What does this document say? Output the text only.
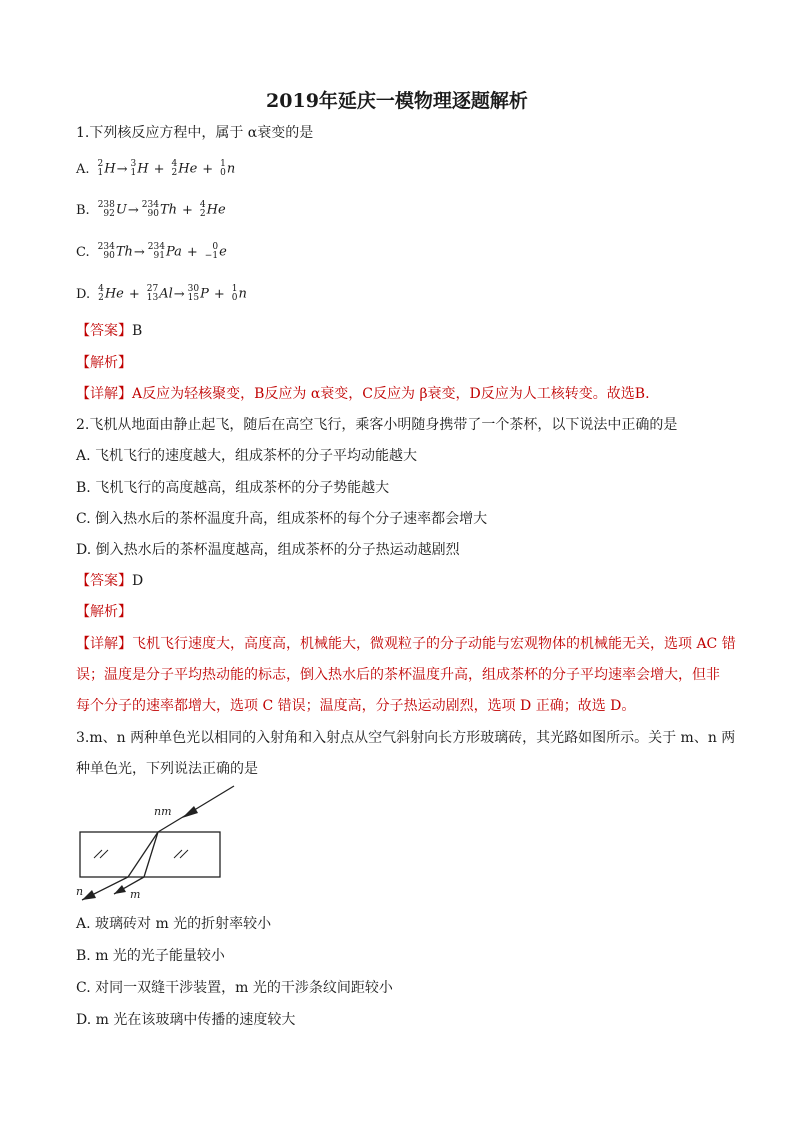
2019年延庆一模物理逐题解析
1.下列核反应方程中，属于 α衰变的是
A. 2
1 H→ 3
1 H + 4
2 He + 1
0 n
B. 238
92 U→ 234
90 Th + 4
2 He
C. 234
90 Th→ 234
91 Pa +	0
−1 e
D. 4
2 He + 27
13 Al→ 30
15 P + 1
0 n
【答案】B
【解析】
【详解】A反应为轻核聚变，B反应为 α衰变，C反应为 β衰变，D反应为人工核转变。故选B.
2.飞机从地面由静止起飞，随后在高空飞行，乘客小明随身携带了一个茶杯，以下说法中正确的是
A. 飞机飞行的速度越大，组成茶杯的分子平均动能越大
B. 飞机飞行的高度越高，组成茶杯的分子势能越大
C. 倒入热水后的茶杯温度升高，组成茶杯的每个分子速率都会增大
D. 倒入热水后的茶杯温度越高，组成茶杯的分子热运动越剧烈
【答案】D
【解析】
【详解】飞机飞行速度大，高度高，机械能大，微观粒子的分子动能与宏观物体的机械能无关，选项 AC 错
误；温度是分子平均热动能的标志，倒入热水后的茶杯温度升高，组成茶杯的分子平均速率会增大，但非
每个分子的速率都增大，选项 C 错误；温度高，分子热运动剧烈，选项 D 正确；故选 D。
3.m、n 两种单色光以相同的入射角和入射点从空气斜射向长方形玻璃砖，其光路如图所示。关于 m、n 两
种单色光，下列说法正确的是
nm
n	m
A. 玻璃砖对 m 光的折射率较小
B. m 光的光子能量较小
C. 对同一双缝干涉装置，m 光的干涉条纹间距较小
D. m 光在该玻璃中传播的速度较大
